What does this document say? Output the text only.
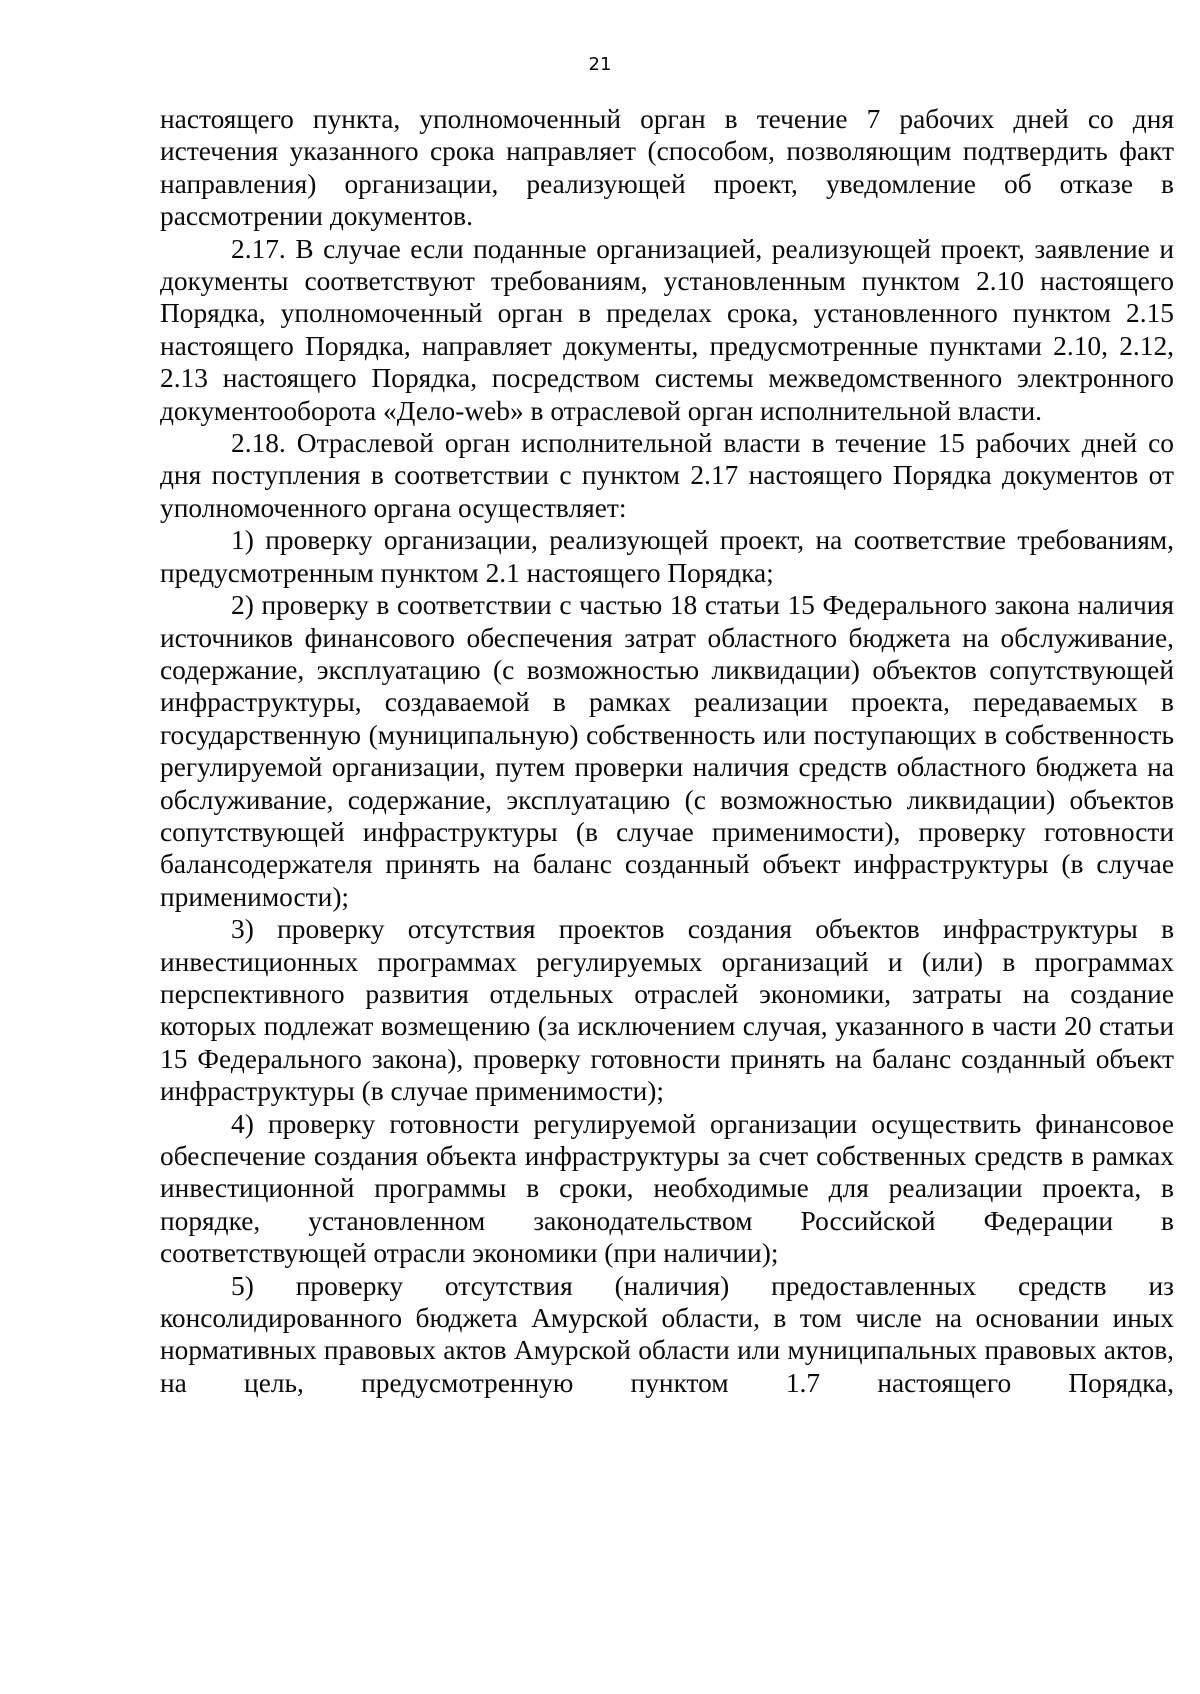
21

настоящего пункта, уполномоченный орган в течение 7 рабочих дней со дня истечения указанного срока направляет (способом, позволяющим подтвердить факт направления) организации, реализующей проект, уведомление об отказе в рассмотрении документов.

2.17. В случае если поданные организацией, реализующей проект, заявление и документы соответствуют требованиям, установленным пунктом 2.10 настоящего Порядка, уполномоченный орган в пределах срока, установленного пунктом 2.15 настоящего Порядка, направляет документы, предусмотренные пунктами 2.10, 2.12, 2.13 настоящего Порядка, посредством системы межведомственного электронного документооборота «Дело-web» в отраслевой орган исполнительной власти.

2.18. Отраслевой орган исполнительной власти в течение 15 рабочих дней со дня поступления в соответствии с пунктом 2.17 настоящего Порядка документов от уполномоченного органа осуществляет:

1) проверку организации, реализующей проект, на соответствие требованиям, предусмотренным пунктом 2.1 настоящего Порядка;

2) проверку в соответствии с частью 18 статьи 15 Федерального закона наличия источников финансового обеспечения затрат областного бюджета на обслуживание, содержание, эксплуатацию (с возможностью ликвидации) объектов сопутствующей инфраструктуры, создаваемой в рамках реализации проекта, передаваемых в государственную (муниципальную) собственность или поступающих в собственность регулируемой организации, путем проверки наличия средств областного бюджета на обслуживание, содержание, эксплуатацию (с возможностью ликвидации) объектов сопутствующей инфраструктуры (в случае применимости), проверку готовности балансодержателя принять на баланс созданный объект инфраструктуры (в случае применимости);

3) проверку отсутствия проектов создания объектов инфраструктуры в инвестиционных программах регулируемых организаций и (или) в программах перспективного развития отдельных отраслей экономики, затраты на создание которых подлежат возмещению (за исключением случая, указанного в части 20 статьи 15 Федерального закона), проверку готовности принять на баланс созданный объект инфраструктуры (в случае применимости);

4) проверку готовности регулируемой организации осуществить финансовое обеспечение создания объекта инфраструктуры за счет собственных средств в рамках инвестиционной программы в сроки, необходимые для реализации проекта, в порядке, установленном законодательством Российской Федерации в соответствующей отрасли экономики (при наличии);

5) проверку отсутствия (наличия) предоставленных средств из консолидированного бюджета Амурской области, в том числе на основании иных нормативных правовых актов Амурской области или муниципальных правовых актов, на цель, предусмотренную пунктом 1.7 настоящего Порядка,
